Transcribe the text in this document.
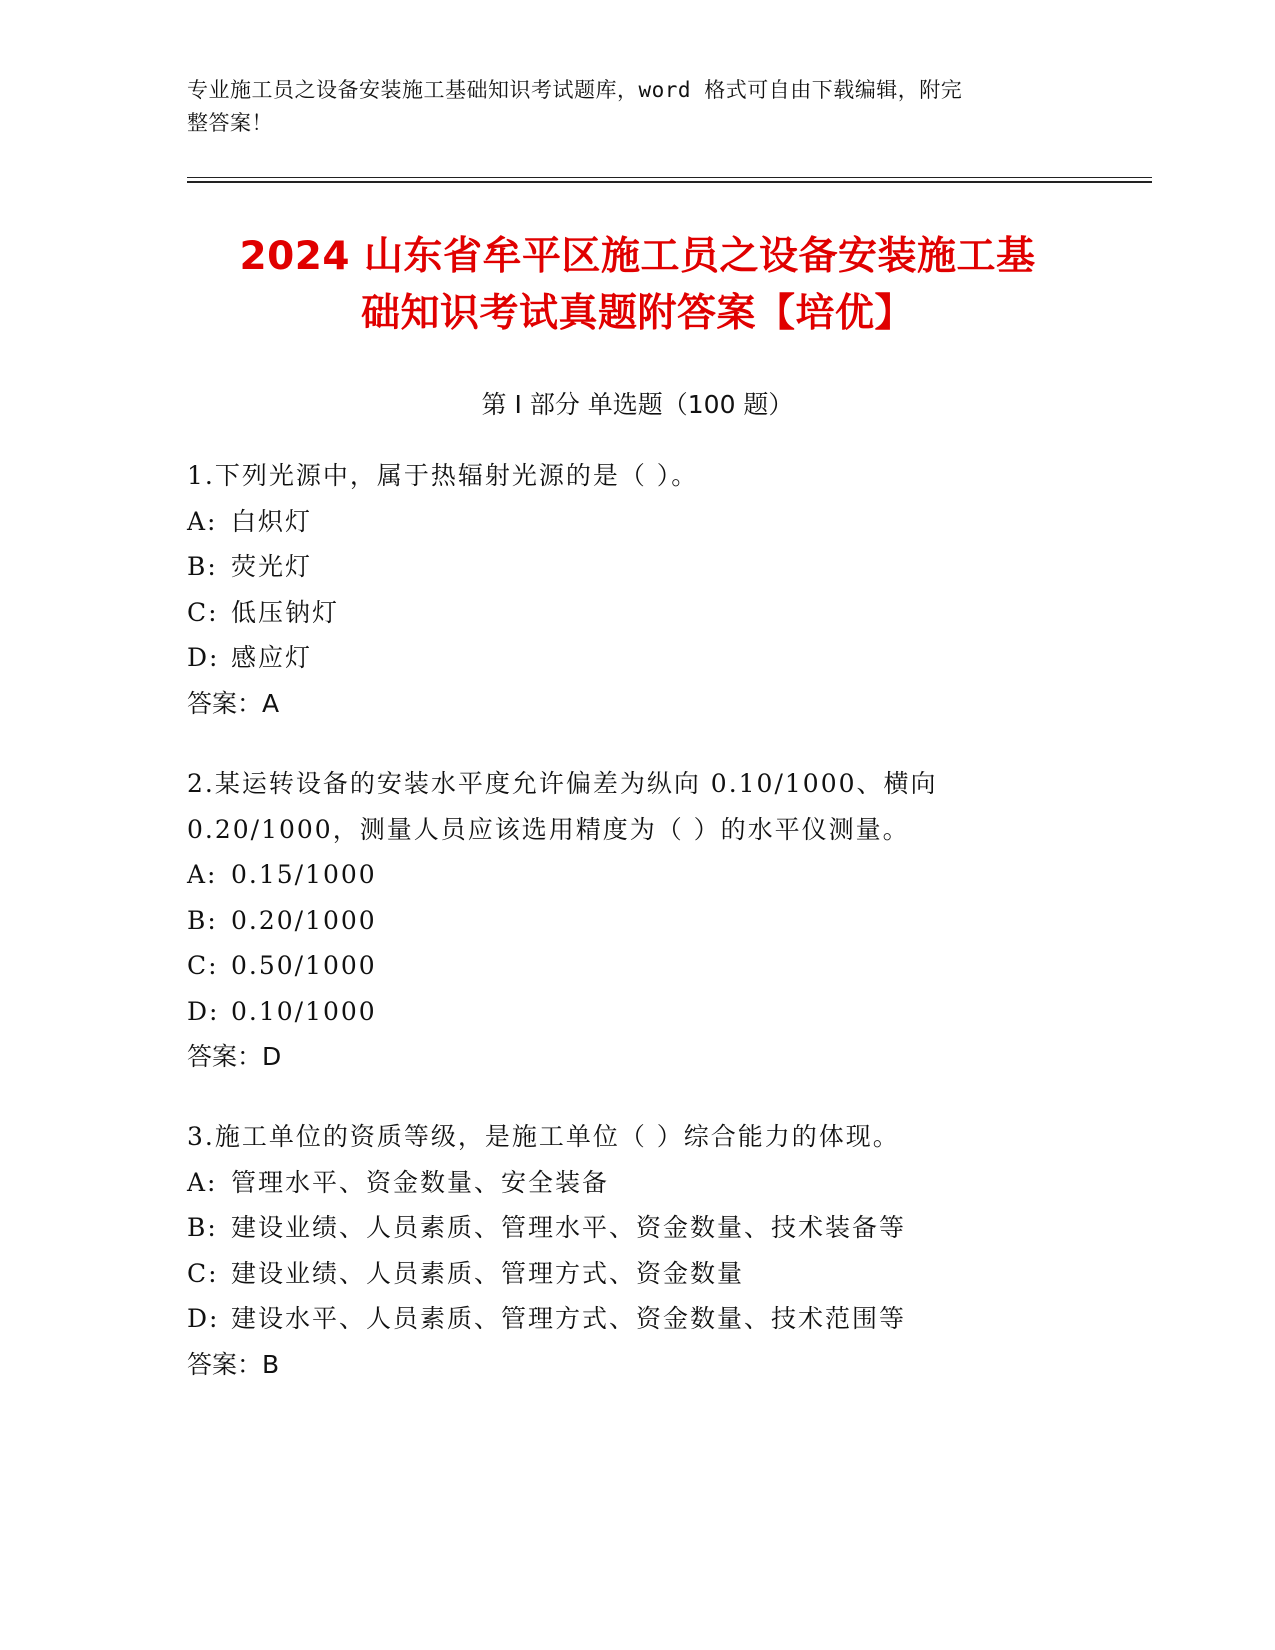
专业施工员之设备安装施工基础知识考试题库，word 格式可自由下载编辑，附完
整答案！
2024 山东省牟平区施工员之设备安装施工基
础知识考试真题附答案【培优】
第 I 部分 单选题（100 题）
1.下列光源中，属于热辐射光源的是（ ）。
A: 白炽灯
B: 荧光灯
C: 低压钠灯
D: 感应灯
答案：A
2.某运转设备的安装水平度允许偏差为纵向 0.10/1000、横向
0.20/1000，测量人员应该选用精度为（ ）的水平仪测量。
A: 0.15/1000
B: 0.20/1000
C: 0.50/1000
D: 0.10/1000
答案：D
3.施工单位的资质等级，是施工单位（ ）综合能力的体现。
A: 管理水平、资金数量、安全装备
B: 建设业绩、人员素质、管理水平、资金数量、技术装备等
C: 建设业绩、人员素质、管理方式、资金数量
D: 建设水平、人员素质、管理方式、资金数量、技术范围等
答案：B
